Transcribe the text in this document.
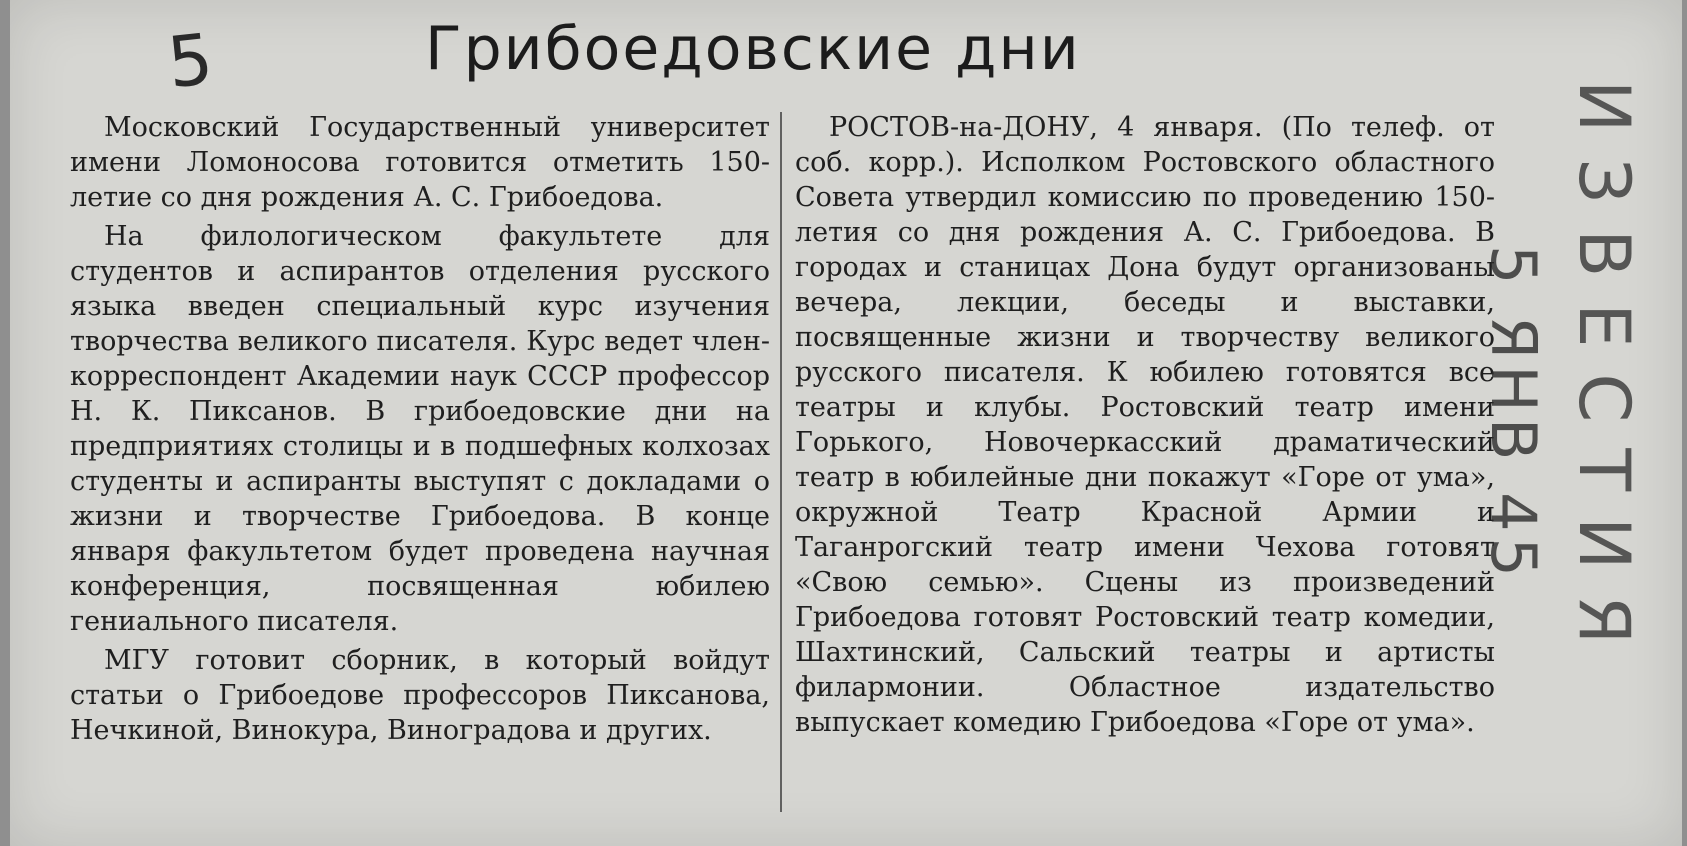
5	Грибоедовские дни

Московский Государственный университет имени Ломоносова готовится отметить 150-летие со дня рождения А. С. Грибоедова.

На филологическом факультете для студентов и аспирантов отделения русского языка введен специальный курс изучения творчества великого писателя. Курс ведет член-корреспондент Академии наук СССР профессор Н. К. Пиксанов. В грибоедовские дни на предприятиях столицы и в подшефных колхозах студенты и аспиранты выступят с докладами о жизни и творчестве Грибоедова. В конце января факультетом будет проведена научная конференция, посвященная юбилею гениального писателя.

МГУ готовит сборник, в который войдут статьи о Грибоедове профессоров Пиксанова, Нечкиной, Винокура, Виноградова и других.

РОСТОВ-на-ДОНУ, 4 января. (По телеф. от соб. корр.). Исполком Ростовского областного Совета утвердил комиссию по проведению 150-летия со дня рождения А. С. Грибоедова. В городах и станицах Дона будут организованы вечера, лекции, беседы и выставки, посвященные жизни и творчеству великого русского писателя. К юбилею готовятся все театры и клубы. Ростовский театр имени Горького, Новочеркасский драматический театр в юбилейные дни покажут «Горе от ума», окружной Театр Красной Армии и Таганрогский театр имени Чехова готовят «Свою семью». Сцены из произведений Грибоедова готовят Ростовский театр комедии, Шахтинский, Сальский театры и артисты филармонии. Областное издательство выпускает комедию Грибоедова «Горе от ума».

5 ЯНВ 45 ИЗВЕСТИЯ
